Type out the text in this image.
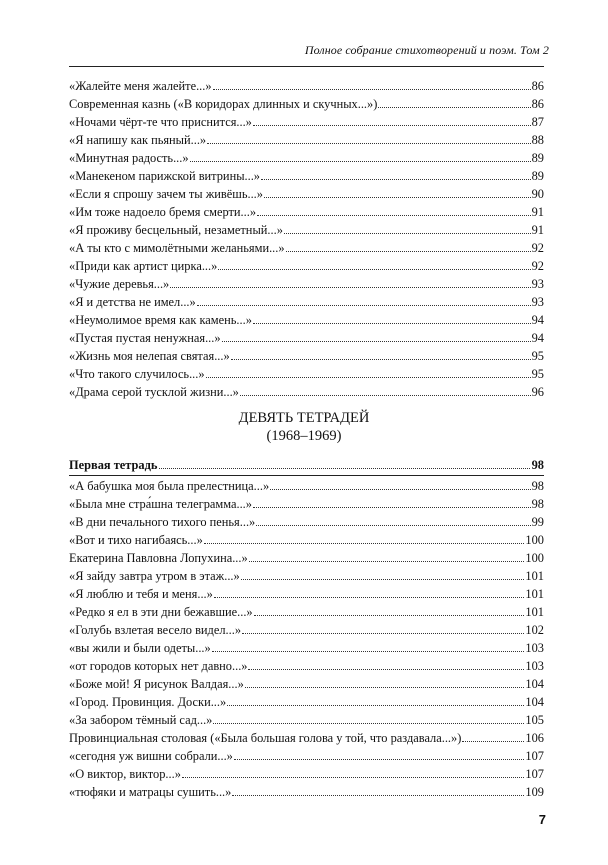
Полное собрание стихотворений и поэм. Том 2
«Жалейте меня жалейте...»	86
Современная казнь («В коридорах длинных и скучных...»)	86
«Ночами чёрт-те что приснится...»	87
«Я напишу как пьяный...»	88
«Минутная радость...»	89
«Манекеном парижской витрины...»	89
«Если я спрошу зачем ты живёшь...»	90
«Им тоже надоело бремя смерти...»	91
«Я проживу бесцельный, незаметный...»	91
«А ты кто с мимолётными желаньями...»	92
«Приди как артист цирка...»	92
«Чужие деревья...»	93
«Я и детства не имел...»	93
«Неумолимое время как камень...»	94
«Пустая пустая ненужная...»	94
«Жизнь моя нелепая святая...»	95
«Что такого случилось...»	95
«Драма серой тусклой жизни...»	96
ДЕВЯТЬ ТЕТРАДЕЙ
(1968–1969)
Первая тетрадь	98
«А бабушка моя была прелестница...»	98
«Была мне стра́шна телеграмма...»	98
«В дни печального тихого пенья...»	99
«Вот и тихо нагибаясь...»	100
Екатерина Павловна Лопухина...»	100
«Я зайду завтра утром в этаж...»	101
«Я люблю и тебя и меня...»	101
«Редко я ел в эти дни бежавшие...»	101
«Голубь взлетая весело видел...»	102
«вы жили и были одеты...»	103
«от городов которых нет давно...»	103
«Боже мой! Я рисунок Валдая...»	104
«Город. Провинция. Доски...»	104
«За забором тёмный сад...»	105
Провинциальная столовая («Была большая голова у той, что раздавала...»)	106
«сегодня уж вишни собрали...»	107
«О виктор, виктор...»	107
«тюфяки и матрацы сушить...»	109
7
